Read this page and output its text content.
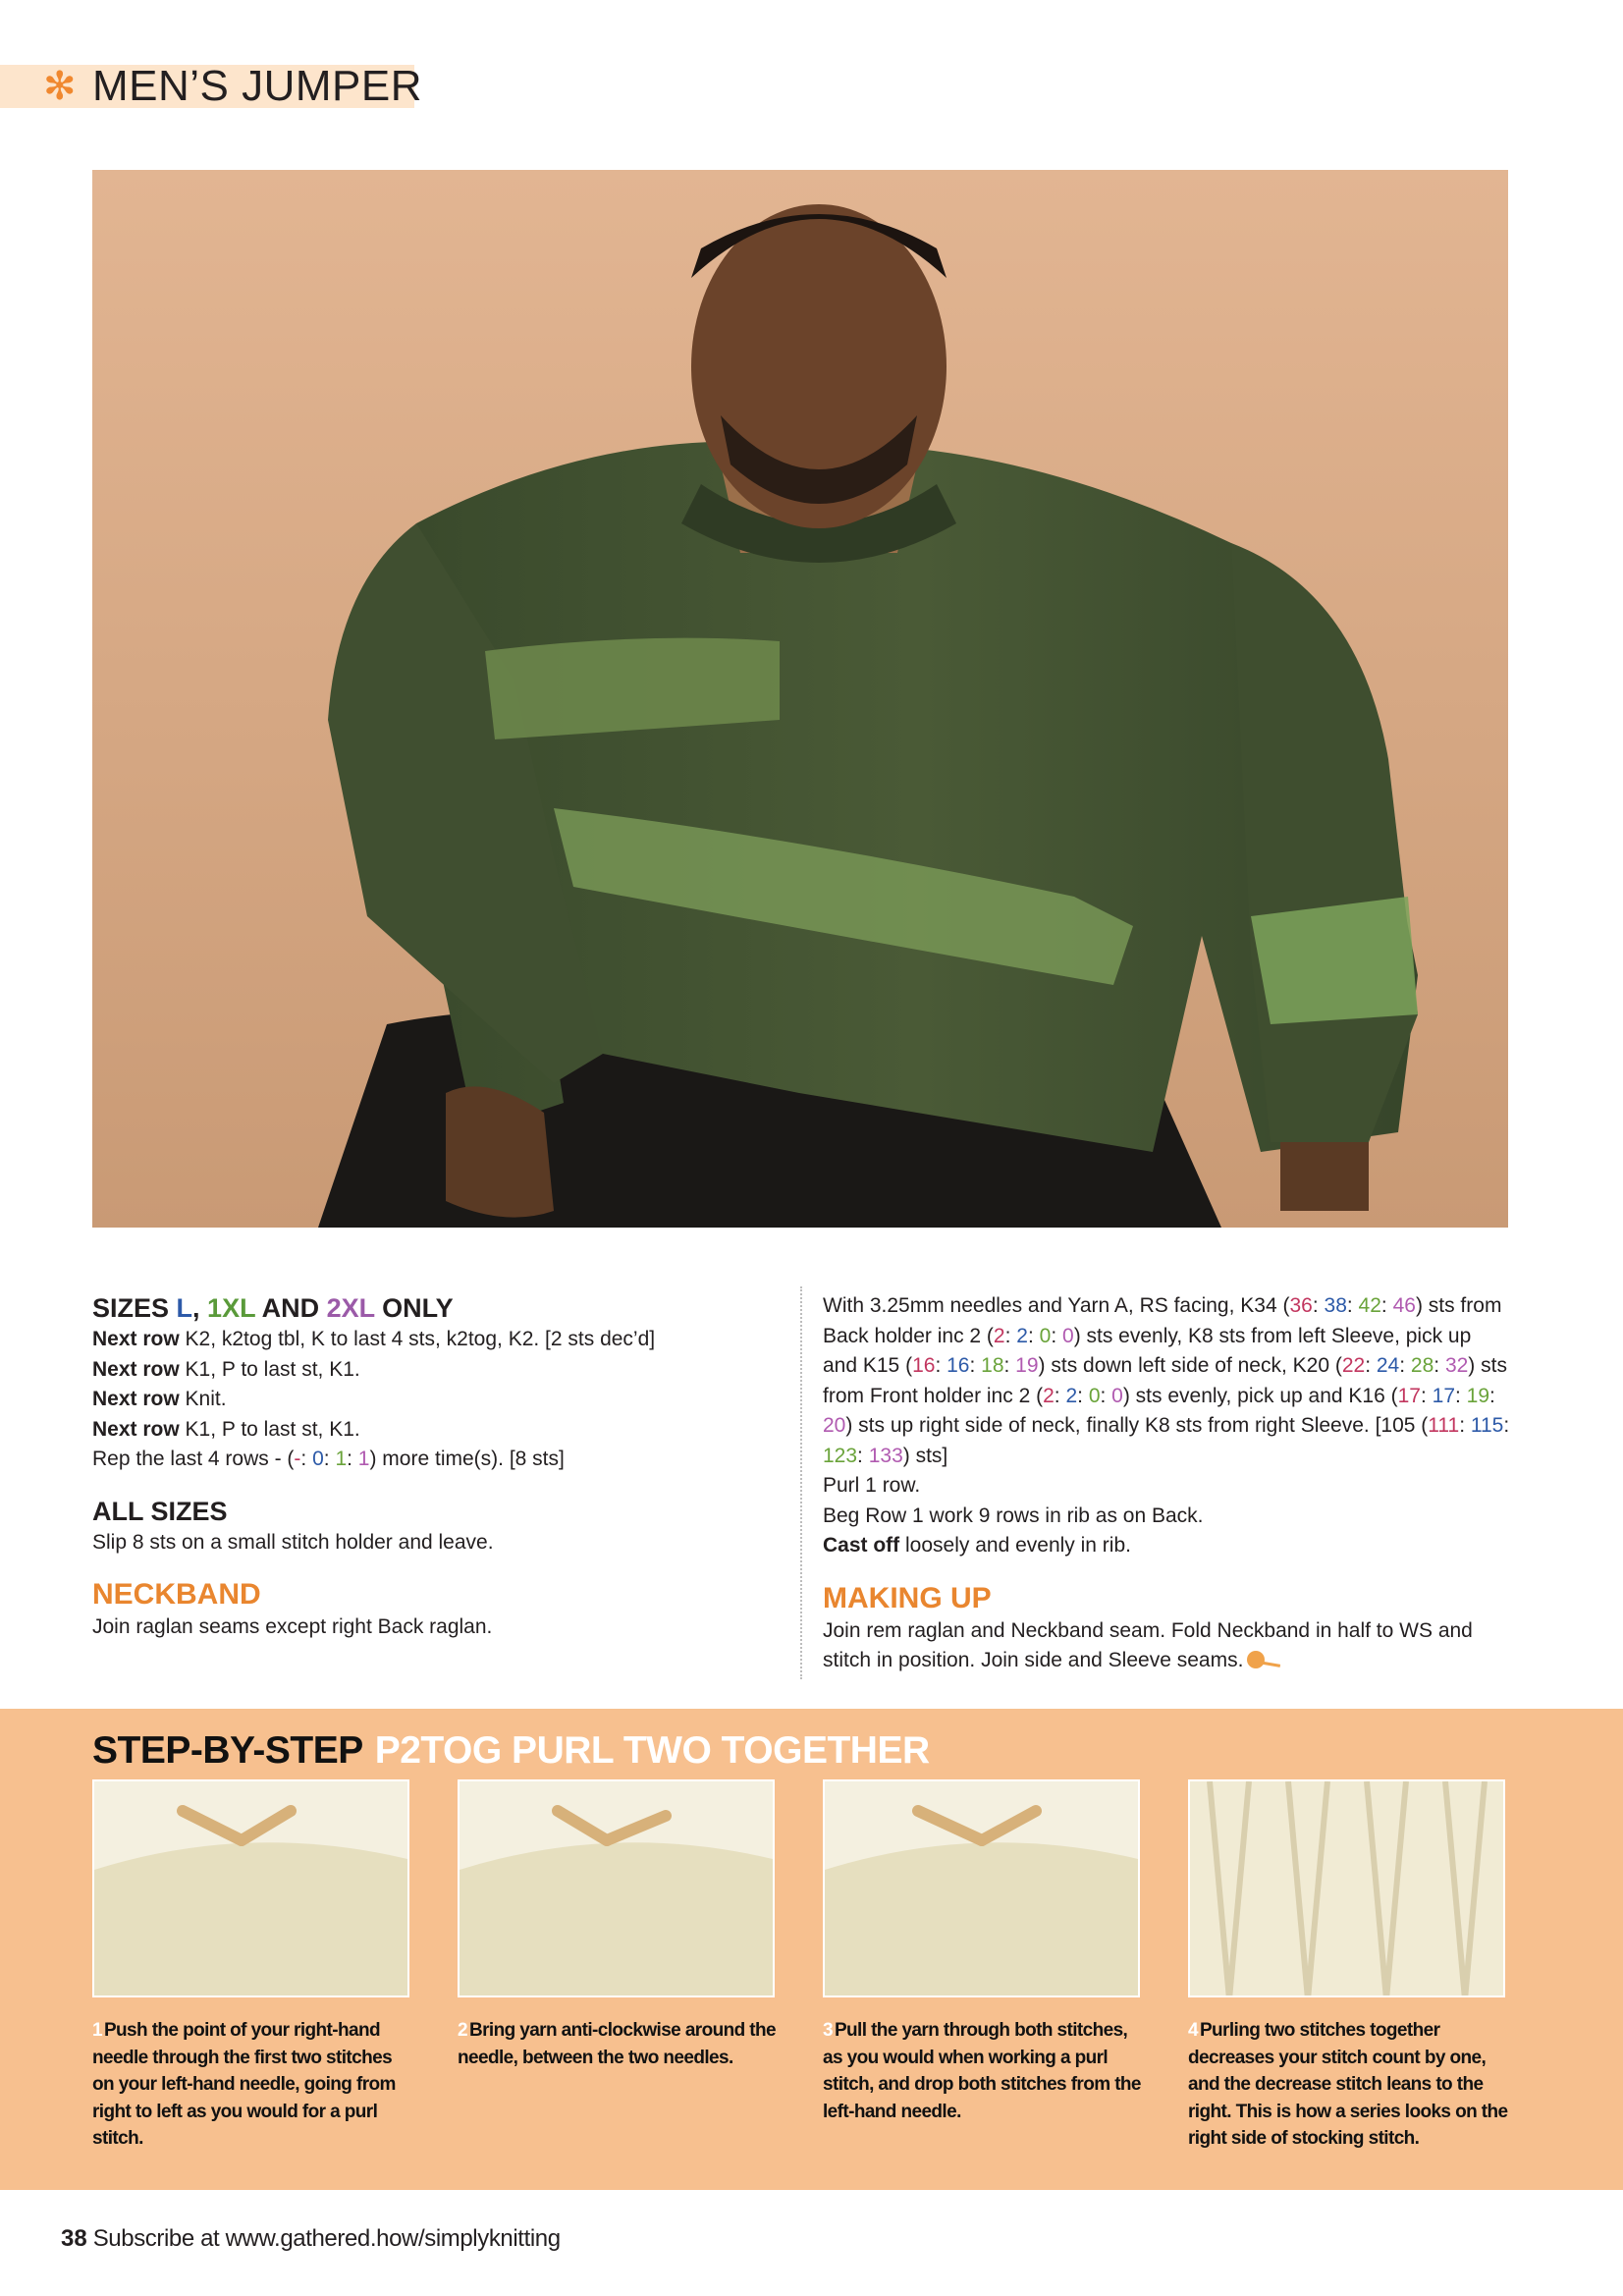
✻ MEN’S JUMPER
SIZES L, 1XL AND 2XL ONLY

Next row K2, k2tog tbl, K to last 4 sts, k2tog, K2. [2 sts dec’d]

Next row K1, P to last st, K1.

Next row Knit.

Next row K1, P to last st, K1.

Rep the last 4 rows - (-: 0: 1: 1) more time(s). [8 sts]

ALL SIZES

Slip 8 sts on a small stitch holder and leave.

NECKBAND

Join raglan seams except right Back raglan.

With 3.25mm needles and Yarn A, RS facing, K34 (36: 38: 42: 46) sts from Back holder inc 2 (2: 2: 0: 0) sts evenly, K8 sts from left Sleeve, pick up and K15 (16: 16: 18: 19) sts down left side of neck, K20 (22: 24: 28: 32) sts from Front holder inc 2 (2: 2: 0: 0) sts evenly, pick up and K16 (17: 17: 19: 20) sts up right side of neck, finally K8 sts from right Sleeve. [105 (111: 115: 123: 133) sts]

Purl 1 row.

Beg Row 1 work 9 rows in rib as on Back.

Cast off loosely and evenly in rib.

MAKING UP

Join rem raglan and Neckband seam. Fold Neckband in half to WS and stitch in position. Join side and Sleeve seams.

STEP-BY-STEP P2TOG PURL TWO TOGETHER
1 Push the point of your right-hand needle through the first two stitches on your left-hand needle, going from right to left as you would for a purl stitch.
2 Bring yarn anti-clockwise around the needle, between the two needles.
3 Pull the yarn through both stitches, as you would when working a purl stitch, and drop both stitches from the left-hand needle.
4 Purling two stitches together decreases your stitch count by one, and the decrease stitch leans to the right. This is how a series looks on the right side of stocking stitch.
38 Subscribe at www.gathered.how/simplyknitting
